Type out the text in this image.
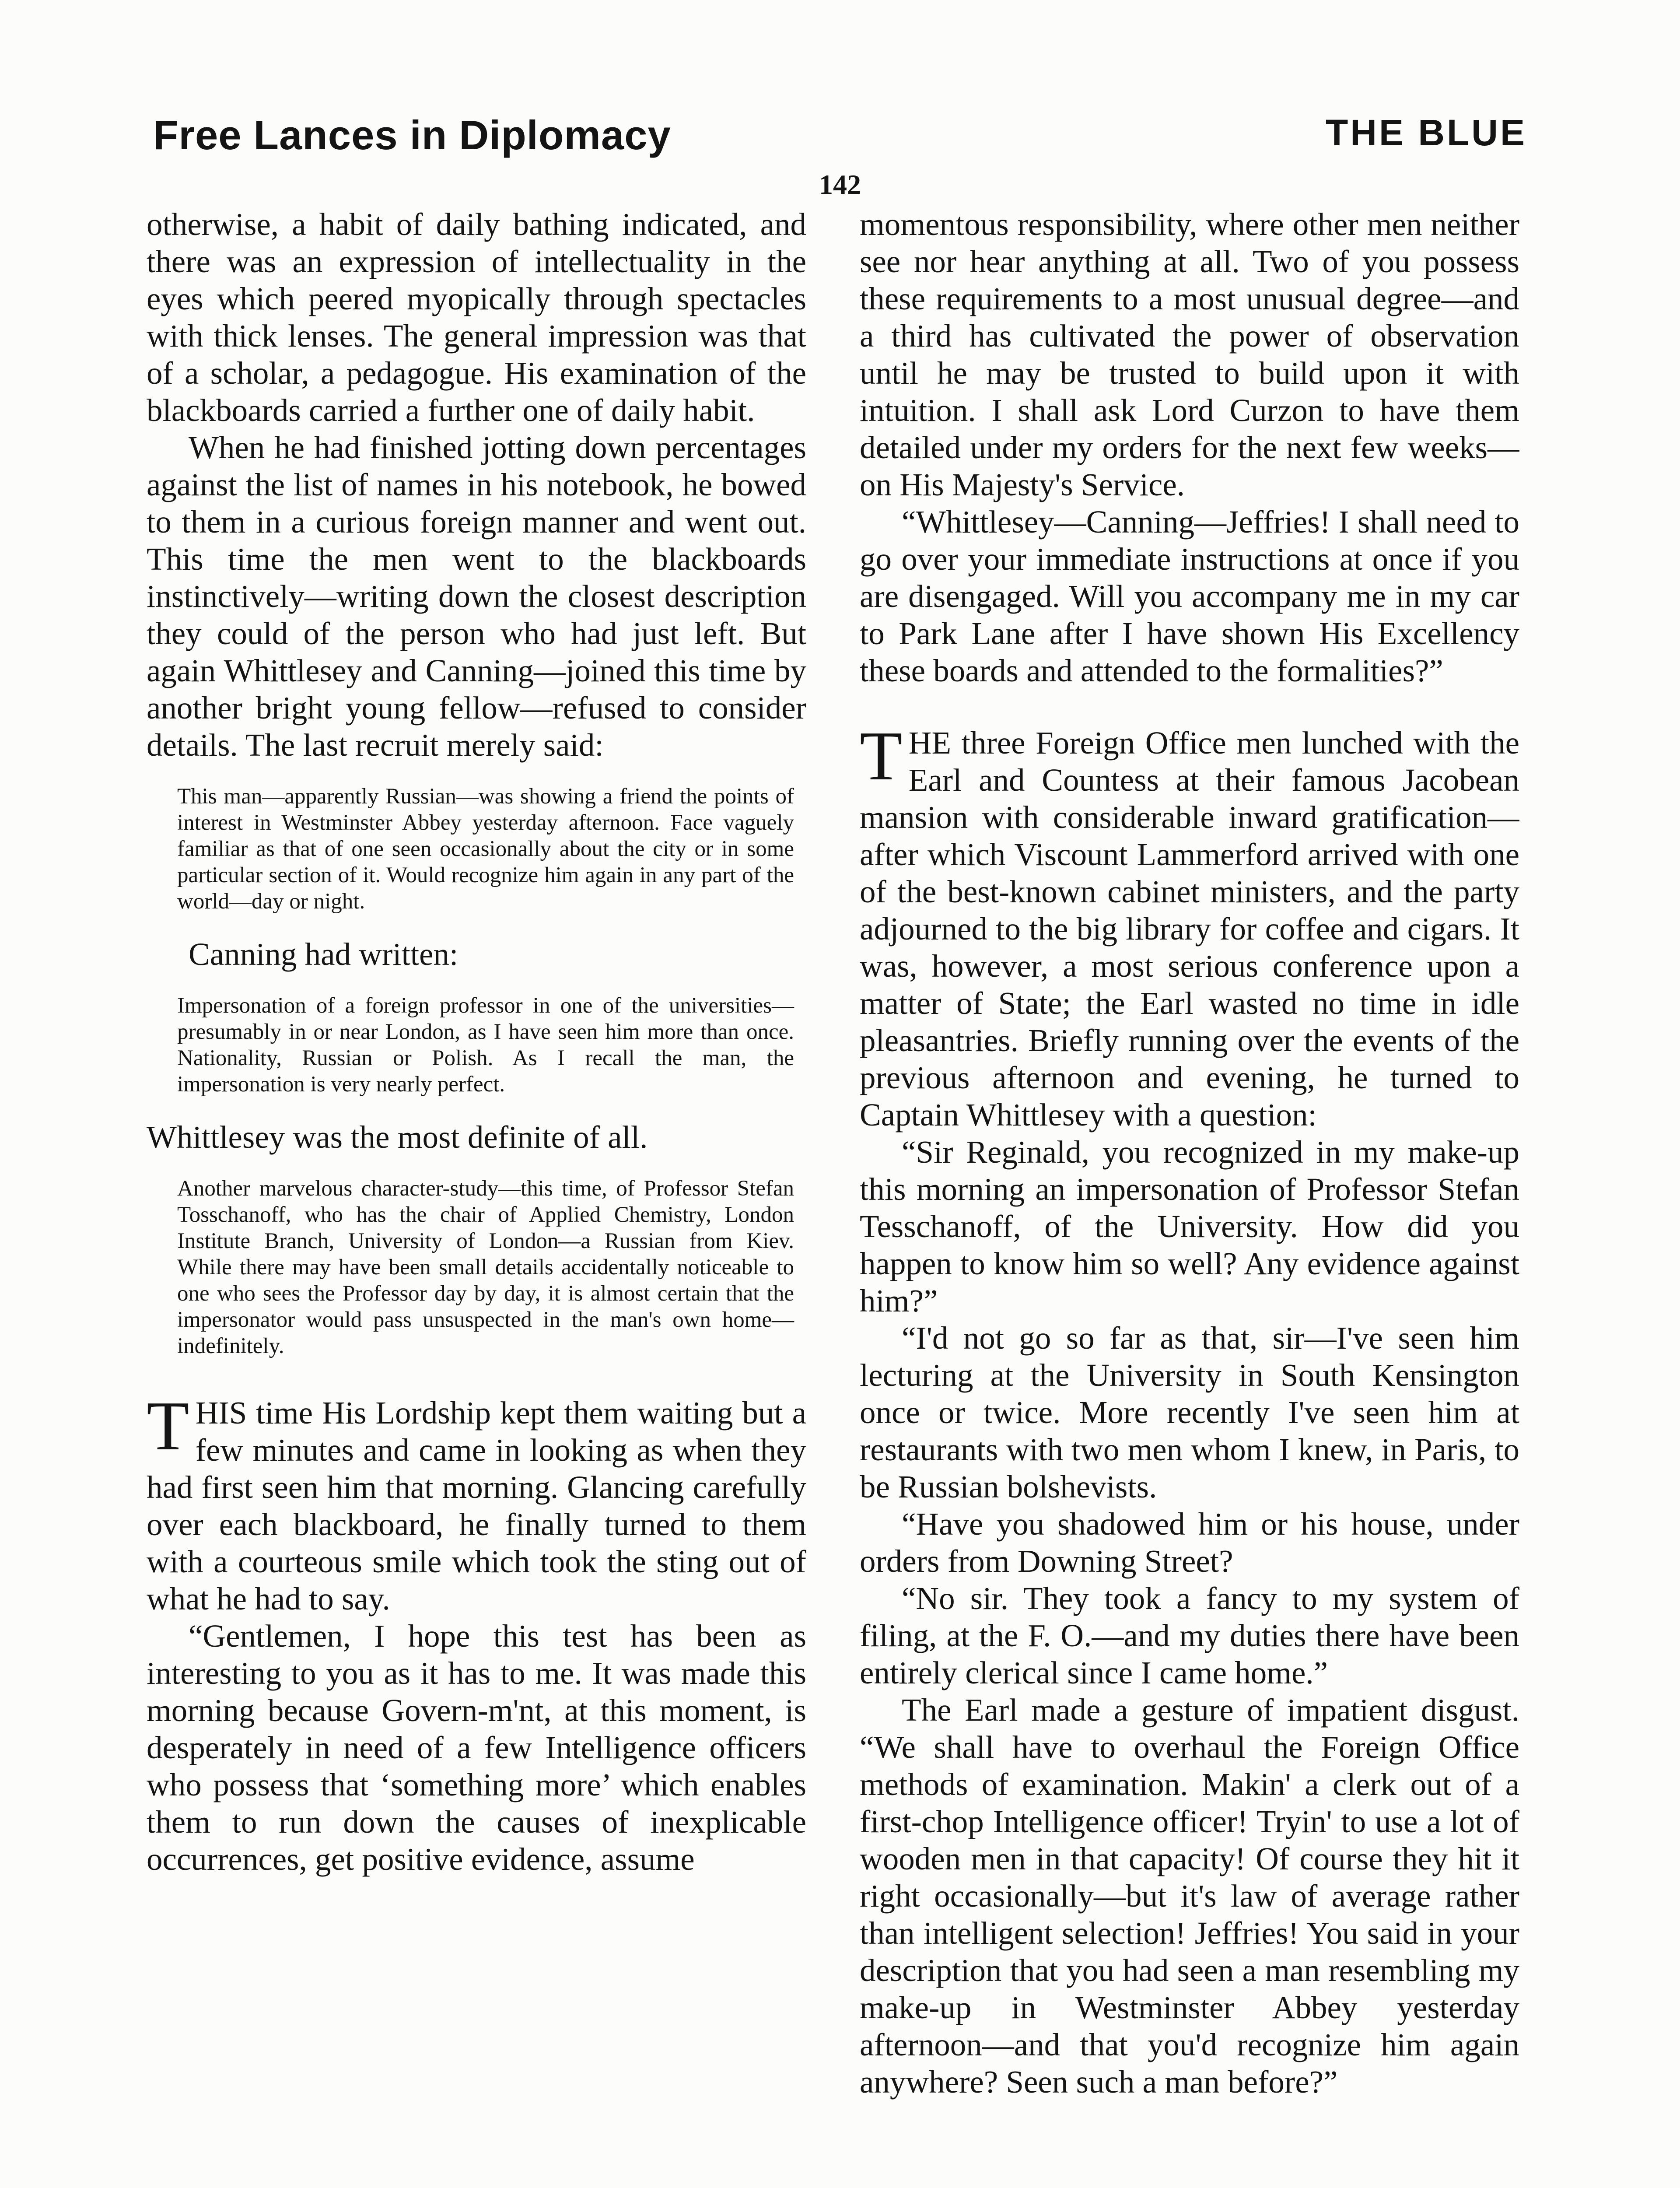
Free Lances in Diplomacy	THE BLUE
142

otherwise, a habit of daily bathing indicated, and there was an expression of intellectuality in the eyes which peered myopically through spectacles with thick lenses. The general impression was that of a scholar, a pedagogue. His examination of the blackboards carried a further one of daily habit.

When he had finished jotting down percentages against the list of names in his notebook, he bowed to them in a curious foreign manner and went out. This time the men went to the blackboards instinctively—writing down the closest description they could of the person who had just left. But again Whittlesey and Canning—joined this time by another bright young fellow—refused to consider details. The last recruit merely said:

This man—apparently Russian—was showing a friend the points of interest in Westminster Abbey yesterday afternoon. Face vaguely familiar as that of one seen occasionally about the city or in some particular section of it. Would recognize him again in any part of the world—day or night.

Canning had written:

Impersonation of a foreign professor in one of the universities—presumably in or near London, as I have seen him more than once. Nationality, Russian or Polish. As I recall the man, the impersonation is very nearly perfect.

Whittlesey was the most definite of all.

Another marvelous character-study—this time, of Professor Stefan Tosschanoff, who has the chair of Applied Chemistry, London Institute Branch, University of London—a Russian from Kiev. While there may have been small details accidentally noticeable to one who sees the Professor day by day, it is almost certain that the impersonator would pass unsuspected in the man's own home—indefinitely.

THIS time His Lordship kept them waiting but a few minutes and came in looking as when they had first seen him that morning. Glancing carefully over each blackboard, he finally turned to them with a courteous smile which took the sting out of what he had to say.

“Gentlemen, I hope this test has been as interesting to you as it has to me. It was made this morning because Govern-m'nt, at this moment, is desperately in need of a few Intelligence officers who possess that ‘something more’ which enables them to run down the causes of inexplicable occurrences, get positive evidence, assume

momentous responsibility, where other men neither see nor hear anything at all. Two of you possess these requirements to a most unusual degree—and a third has cultivated the power of observation until he may be trusted to build upon it with intuition. I shall ask Lord Curzon to have them detailed under my orders for the next few weeks—on His Majesty's Service.

“Whittlesey—Canning—Jeffries! I shall need to go over your immediate instructions at once if you are disengaged. Will you accompany me in my car to Park Lane after I have shown His Excellency these boards and attended to the formalities?”

THE three Foreign Office men lunched with the Earl and Countess at their famous Jacobean mansion with considerable inward gratification—after which Viscount Lammerford arrived with one of the best-known cabinet ministers, and the party adjourned to the big library for coffee and cigars. It was, however, a most serious conference upon a matter of State; the Earl wasted no time in idle pleasantries. Briefly running over the events of the previous afternoon and evening, he turned to Captain Whittlesey with a question:

“Sir Reginald, you recognized in my make-up this morning an impersonation of Professor Stefan Tesschanoff, of the University. How did you happen to know him so well? Any evidence against him?”

“I'd not go so far as that, sir—I've seen him lecturing at the University in South Kensington once or twice. More recently I've seen him at restaurants with two men whom I knew, in Paris, to be Russian bolshevists.

“Have you shadowed him or his house, under orders from Downing Street?

“No sir. They took a fancy to my system of filing, at the F. O.—and my duties there have been entirely clerical since I came home.”

The Earl made a gesture of impatient disgust. “We shall have to overhaul the Foreign Office methods of examination. Makin' a clerk out of a first-chop Intelligence officer! Tryin' to use a lot of wooden men in that capacity! Of course they hit it right occasionally—but it's law of average rather than intelligent selection! Jeffries! You said in your description that you had seen a man resembling my make-up in Westminster Abbey yesterday afternoon—and that you'd recognize him again anywhere? Seen such a man before?”
